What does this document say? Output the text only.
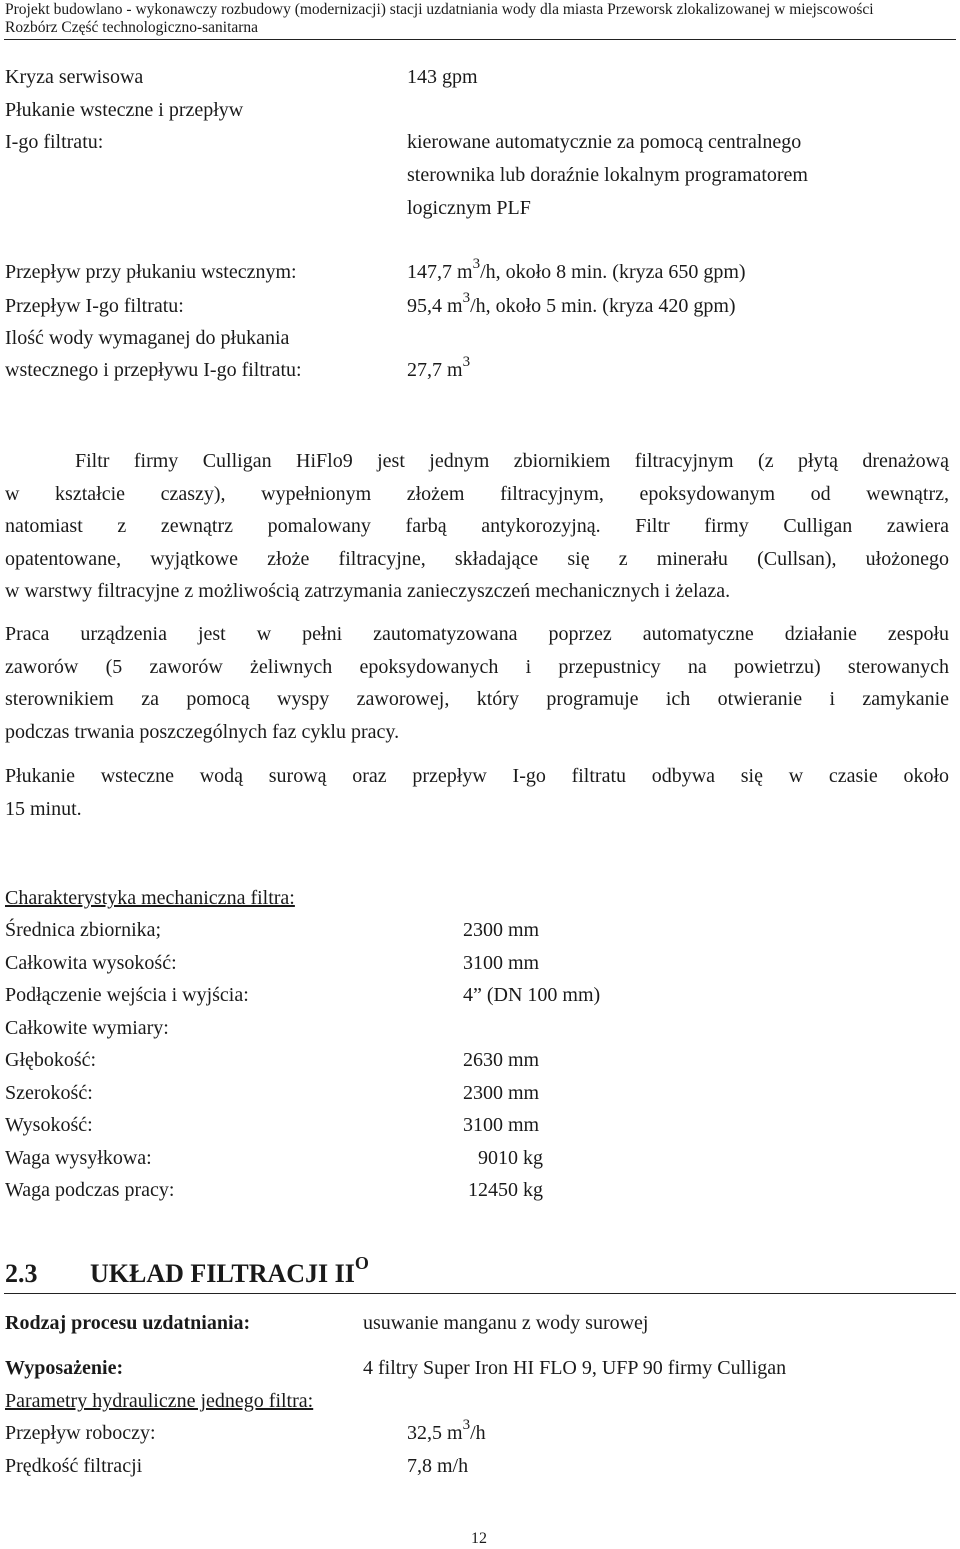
Projekt budowlano - wykonawczy rozbudowy (modernizacji) stacji uzdatniania wody dla miasta Przeworsk zlokalizowanej w miejscowości
Rozbórz Część technologiczno-sanitarna
Kryza serwisowa	143 gpm
Płukanie wsteczne i przepływ
I-go filtratu:	kierowane automatycznie za pomocą centralnego
sterownika lub doraźnie lokalnym programatorem
logicznym PLF
Przepływ przy płukaniu wstecznym:	147,7 $m^3/h$, około 8 min. (kryza 650 gpm)
Przepływ I-go filtratu:	95,4 $m^3/h$, około 5 min. (kryza 420 gpm)
Ilość wody wymaganej do płukania
wstecznego i przepływu I-go filtratu:	27,7 $m^3$
Filtr firmy Culligan HiFlo9 jest jednym zbiornikiem filtracyjnym (z płytą drenażową
w kształcie czaszy), wypełnionym złożem filtracyjnym, epoksydowanym od wewnątrz,
natomiast z zewnątrz pomalowany farbą antykorozyjną. Filtr firmy Culligan zawiera
opatentowane, wyjątkowe złoże filtracyjne, składające się z minerału (Cullsan), ułożonego
w warstwy filtracyjne z możliwością zatrzymania zanieczyszczeń mechanicznych i żelaza.
Praca urządzenia jest w pełni zautomatyzowana poprzez automatyczne działanie zespołu
zaworów (5 zaworów żeliwnych epoksydowanych i przepustnicy na powietrzu) sterowanych
sterownikiem za pomocą wyspy zaworowej, który programuje ich otwieranie i zamykanie
podczas trwania poszczególnych faz cyklu pracy.
Płukanie wsteczne wodą surową oraz przepływ I-go filtratu odbywa się w czasie około
15 minut.
Charakterystyka mechaniczna filtra:
Średnica zbiornika;	2300 mm
Całkowita wysokość:	3100 mm
Podłączenie wejścia i wyjścia:	4” (DN 100 mm)
Całkowite wymiary:
Głębokość:	2630 mm
Szerokość:	2300 mm
Wysokość:	3100 mm
Waga wysyłkowa:	9010 kg
Waga podczas pracy:	12450 kg
2.3 UKŁAD FILTRACJI $II^O$
Rodzaj procesu uzdatniania:	usuwanie manganu z wody surowej
Wyposażenie:	4 filtry Super Iron HI FLO 9, UFP 90 firmy Culligan
Parametry hydrauliczne jednego filtra:
Przepływ roboczy:	32,5 $m^3/h$
Prędkość filtracji	7,8 m/h
12
